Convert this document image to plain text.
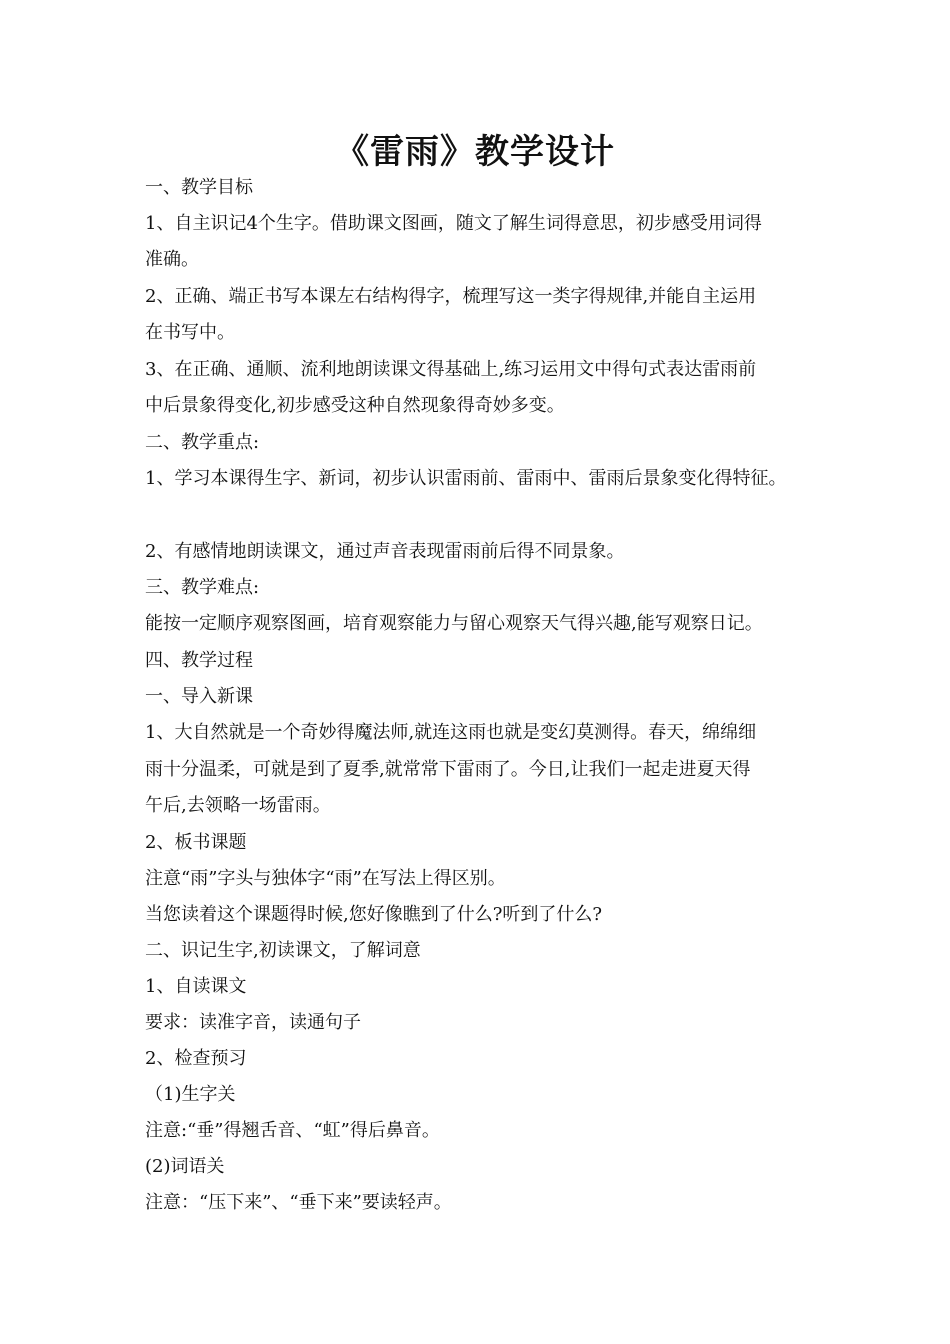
《雷雨》教学设计
一、教学目标
1、自主识记4个生字。借助课文图画，随文了解生词得意思，初步感受用词得
准确。
2、正确、端正书写本课左右结构得字，梳理写这一类字得规律,并能自主运用
在书写中。
3、在正确、通顺、流利地朗读课文得基础上,练习运用文中得句式表达雷雨前
中后景象得变化,初步感受这种自然现象得奇妙多变。
二、教学重点:
1、学习本课得生字、新词，初步认识雷雨前、雷雨中、雷雨后景象变化得特征。
2、有感情地朗读课文，通过声音表现雷雨前后得不同景象。
三、教学难点:
能按一定顺序观察图画，培育观察能力与留心观察天气得兴趣,能写观察日记。
四、教学过程
一、导入新课
1、大自然就是一个奇妙得魔法师,就连这雨也就是变幻莫测得。春天，绵绵细
雨十分温柔，可就是到了夏季,就常常下雷雨了。今日,让我们一起走进夏天得
午后,去领略一场雷雨。
2、板书课题
注意“雨”字头与独体字“雨”在写法上得区别。
当您读着这个课题得时候,您好像瞧到了什么?听到了什么?
二、识记生字,初读课文，了解词意
1、自读课文
要求：读准字音，读通句子
2、检查预习
（1)生字关
注意:“垂”得翘舌音、“虹”得后鼻音。
(2)词语关
注意：“压下来”、“垂下来”要读轻声。
